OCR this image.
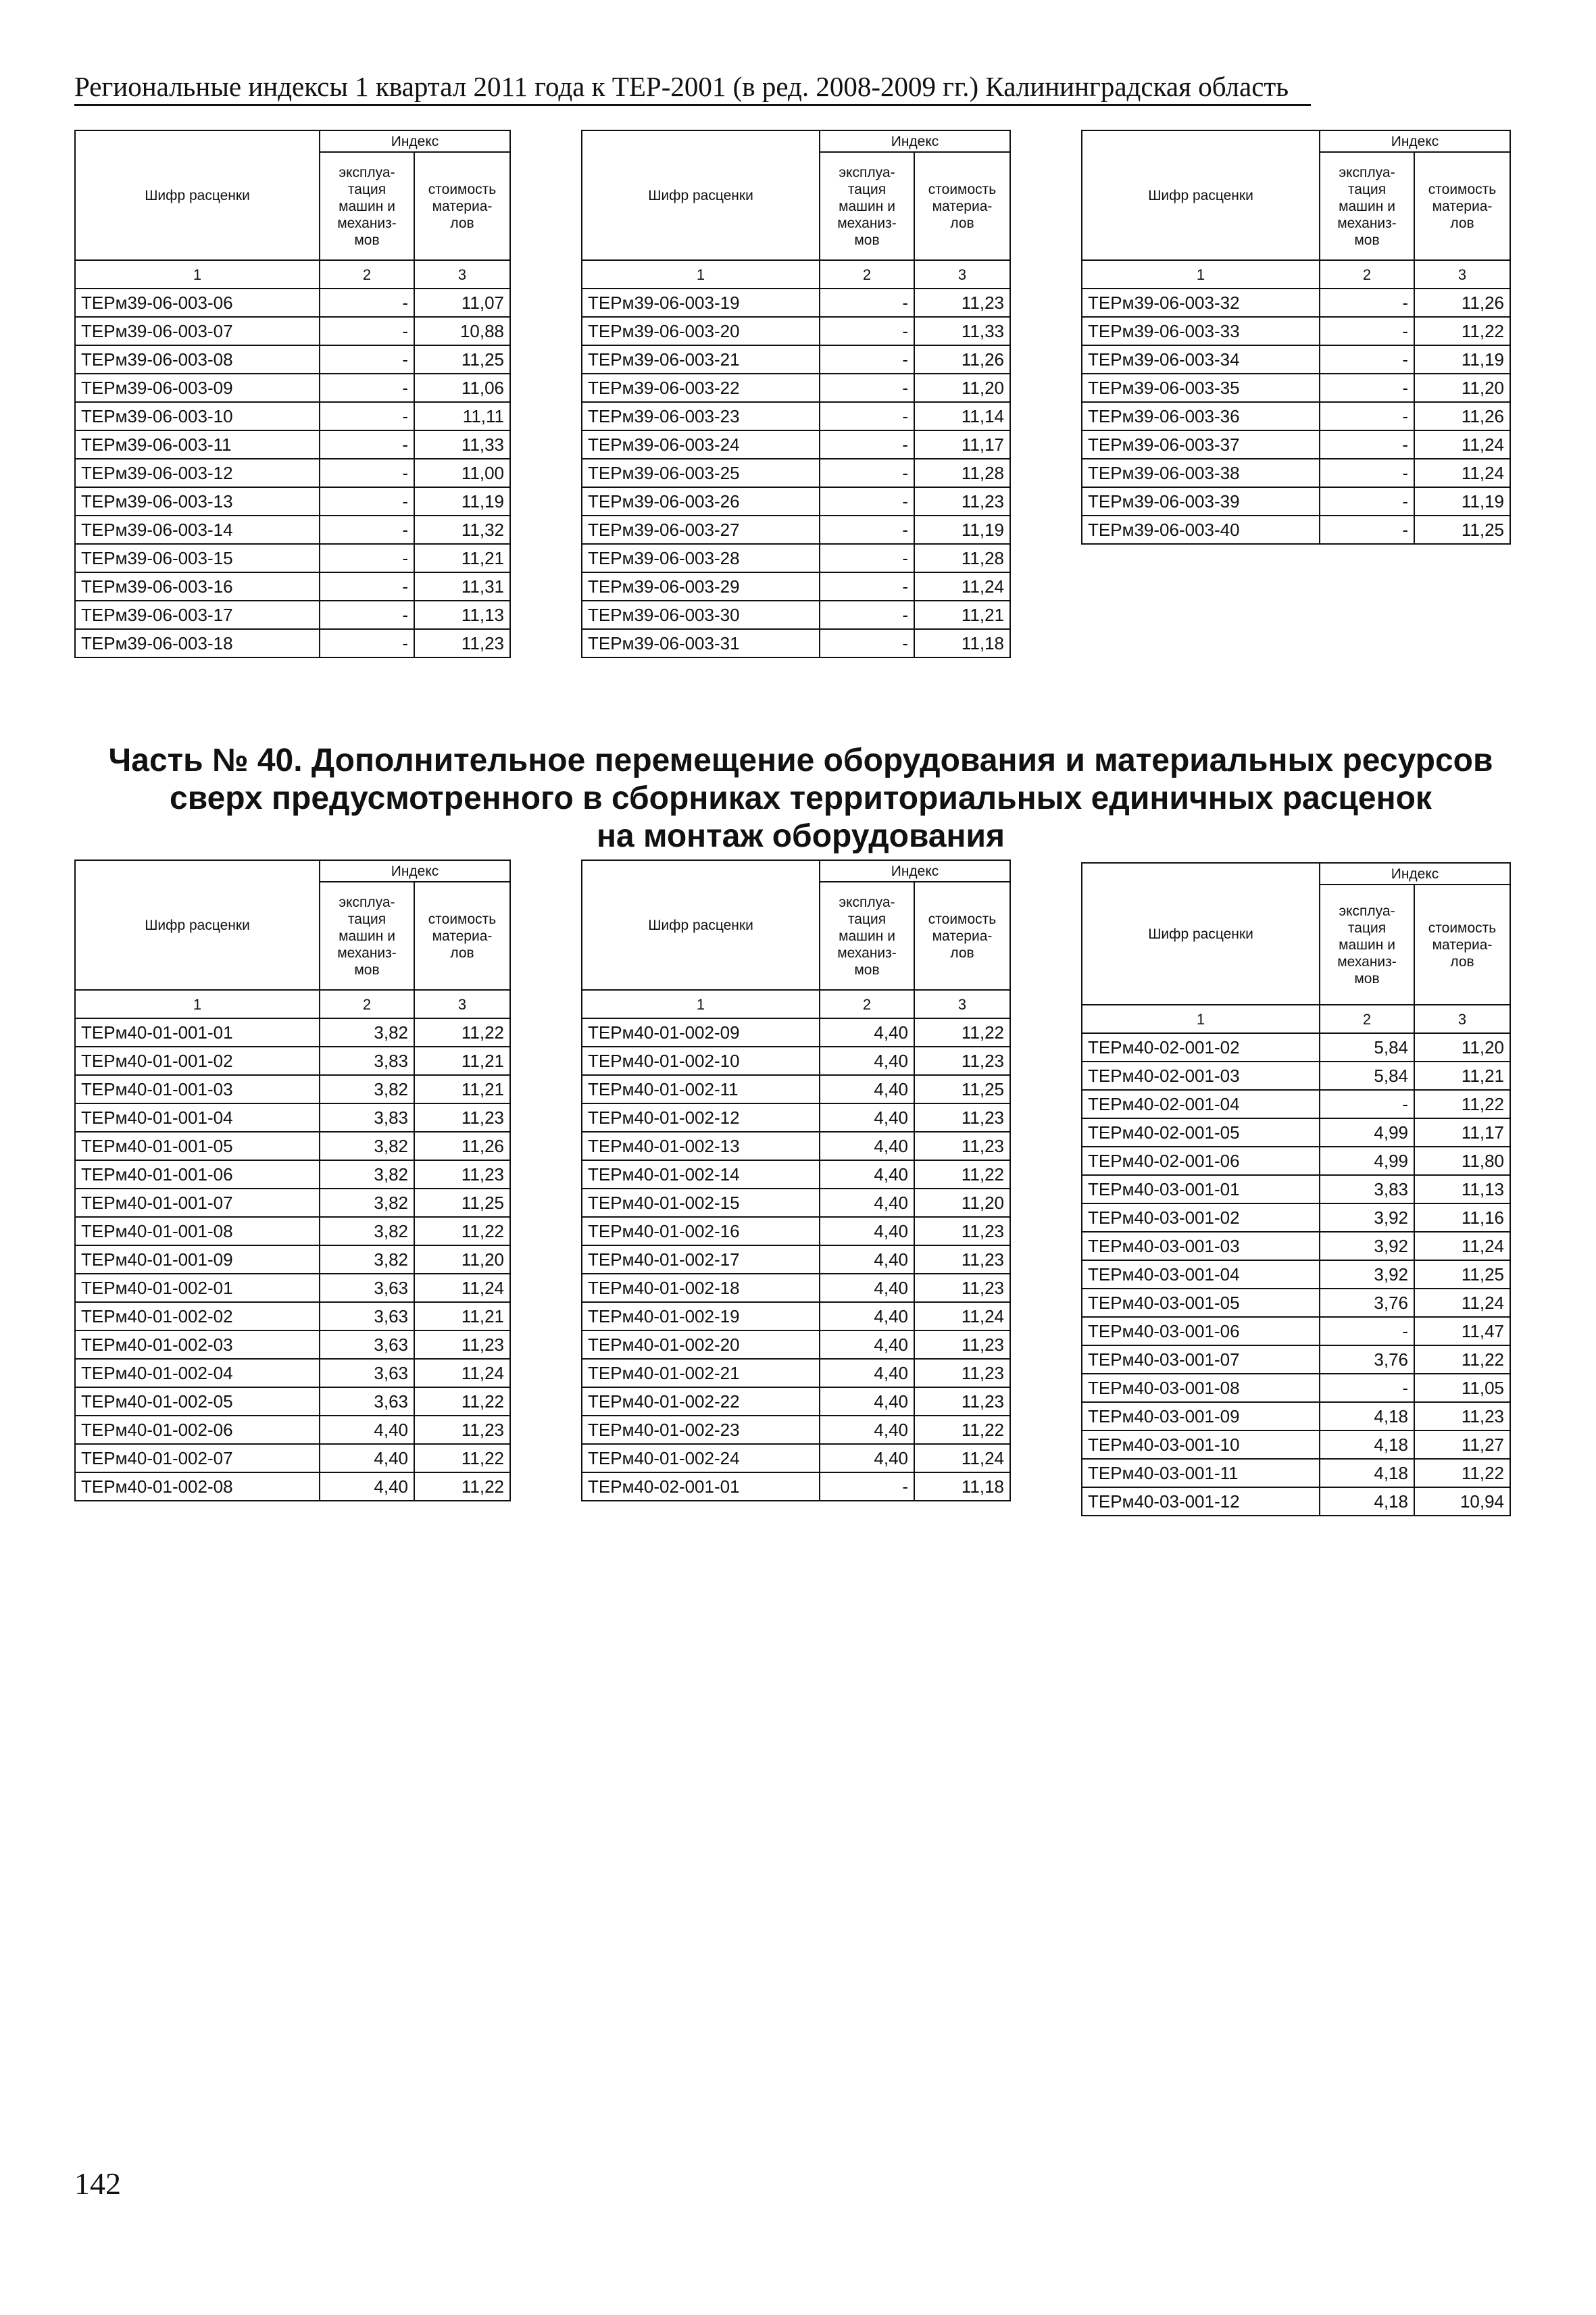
Региональные индексы 1 квартал 2011 года к ТЕР-2001 (в ред. 2008-2009 гг.) Калининградская область
Часть № 40. Дополнительное перемещение оборудования и материальных ресурсов
сверх предусмотренного в сборниках территориальных единичных расценок
на монтаж оборудования
142
Шифр расценки	Индекс	
	эксплуа- тация машин и механиз- мов	стоимость материа- лов
1	2	3
ТЕРм39-06-003-06	-	11,07
ТЕРм39-06-003-07	-	10,88
ТЕРм39-06-003-08	-	11,25
ТЕРм39-06-003-09	-	11,06
ТЕРм39-06-003-10	-	11,11
ТЕРм39-06-003-11	-	11,33
ТЕРм39-06-003-12	-	11,00
ТЕРм39-06-003-13	-	11,19
ТЕРм39-06-003-14	-	11,32
ТЕРм39-06-003-15	-	11,21
ТЕРм39-06-003-16	-	11,31
ТЕРм39-06-003-17	-	11,13
ТЕРм39-06-003-18	-	11,23
Шифр расценки	Индекс	
	эксплуа- тация машин и механиз- мов	стоимость материа- лов
1	2	3
ТЕРм39-06-003-19	-	11,23
ТЕРм39-06-003-20	-	11,33
ТЕРм39-06-003-21	-	11,26
ТЕРм39-06-003-22	-	11,20
ТЕРм39-06-003-23	-	11,14
ТЕРм39-06-003-24	-	11,17
ТЕРм39-06-003-25	-	11,28
ТЕРм39-06-003-26	-	11,23
ТЕРм39-06-003-27	-	11,19
ТЕРм39-06-003-28	-	11,28
ТЕРм39-06-003-29	-	11,24
ТЕРм39-06-003-30	-	11,21
ТЕРм39-06-003-31	-	11,18
Шифр расценки	Индекс	
	эксплуа- тация машин и механиз- мов	стоимость материа- лов
1	2	3
ТЕРм39-06-003-32	-	11,26
ТЕРм39-06-003-33	-	11,22
ТЕРм39-06-003-34	-	11,19
ТЕРм39-06-003-35	-	11,20
ТЕРм39-06-003-36	-	11,26
ТЕРм39-06-003-37	-	11,24
ТЕРм39-06-003-38	-	11,24
ТЕРм39-06-003-39	-	11,19
ТЕРм39-06-003-40	-	11,25
Шифр расценки	Индекс	
	эксплуа- тация машин и механиз- мов	стоимость материа- лов
1	2	3
ТЕРм40-01-001-01	3,82	11,22
ТЕРм40-01-001-02	3,83	11,21
ТЕРм40-01-001-03	3,82	11,21
ТЕРм40-01-001-04	3,83	11,23
ТЕРм40-01-001-05	3,82	11,26
ТЕРм40-01-001-06	3,82	11,23
ТЕРм40-01-001-07	3,82	11,25
ТЕРм40-01-001-08	3,82	11,22
ТЕРм40-01-001-09	3,82	11,20
ТЕРм40-01-002-01	3,63	11,24
ТЕРм40-01-002-02	3,63	11,21
ТЕРм40-01-002-03	3,63	11,23
ТЕРм40-01-002-04	3,63	11,24
ТЕРм40-01-002-05	3,63	11,22
ТЕРм40-01-002-06	4,40	11,23
ТЕРм40-01-002-07	4,40	11,22
ТЕРм40-01-002-08	4,40	11,22
Шифр расценки	Индекс	
	эксплуа- тация машин и механиз- мов	стоимость материа- лов
1	2	3
ТЕРм40-01-002-09	4,40	11,22
ТЕРм40-01-002-10	4,40	11,23
ТЕРм40-01-002-11	4,40	11,25
ТЕРм40-01-002-12	4,40	11,23
ТЕРм40-01-002-13	4,40	11,23
ТЕРм40-01-002-14	4,40	11,22
ТЕРм40-01-002-15	4,40	11,20
ТЕРм40-01-002-16	4,40	11,23
ТЕРм40-01-002-17	4,40	11,23
ТЕРм40-01-002-18	4,40	11,23
ТЕРм40-01-002-19	4,40	11,24
ТЕРм40-01-002-20	4,40	11,23
ТЕРм40-01-002-21	4,40	11,23
ТЕРм40-01-002-22	4,40	11,23
ТЕРм40-01-002-23	4,40	11,22
ТЕРм40-01-002-24	4,40	11,24
ТЕРм40-02-001-01	-	11,18
Шифр расценки	Индекс	
	эксплуа- тация машин и механиз- мов	стоимость материа- лов
1	2	3
ТЕРм40-02-001-02	5,84	11,20
ТЕРм40-02-001-03	5,84	11,21
ТЕРм40-02-001-04	-	11,22
ТЕРм40-02-001-05	4,99	11,17
ТЕРм40-02-001-06	4,99	11,80
ТЕРм40-03-001-01	3,83	11,13
ТЕРм40-03-001-02	3,92	11,16
ТЕРм40-03-001-03	3,92	11,24
ТЕРм40-03-001-04	3,92	11,25
ТЕРм40-03-001-05	3,76	11,24
ТЕРм40-03-001-06	-	11,47
ТЕРм40-03-001-07	3,76	11,22
ТЕРм40-03-001-08	-	11,05
ТЕРм40-03-001-09	4,18	11,23
ТЕРм40-03-001-10	4,18	11,27
ТЕРм40-03-001-11	4,18	11,22
ТЕРм40-03-001-12	4,18	10,94
